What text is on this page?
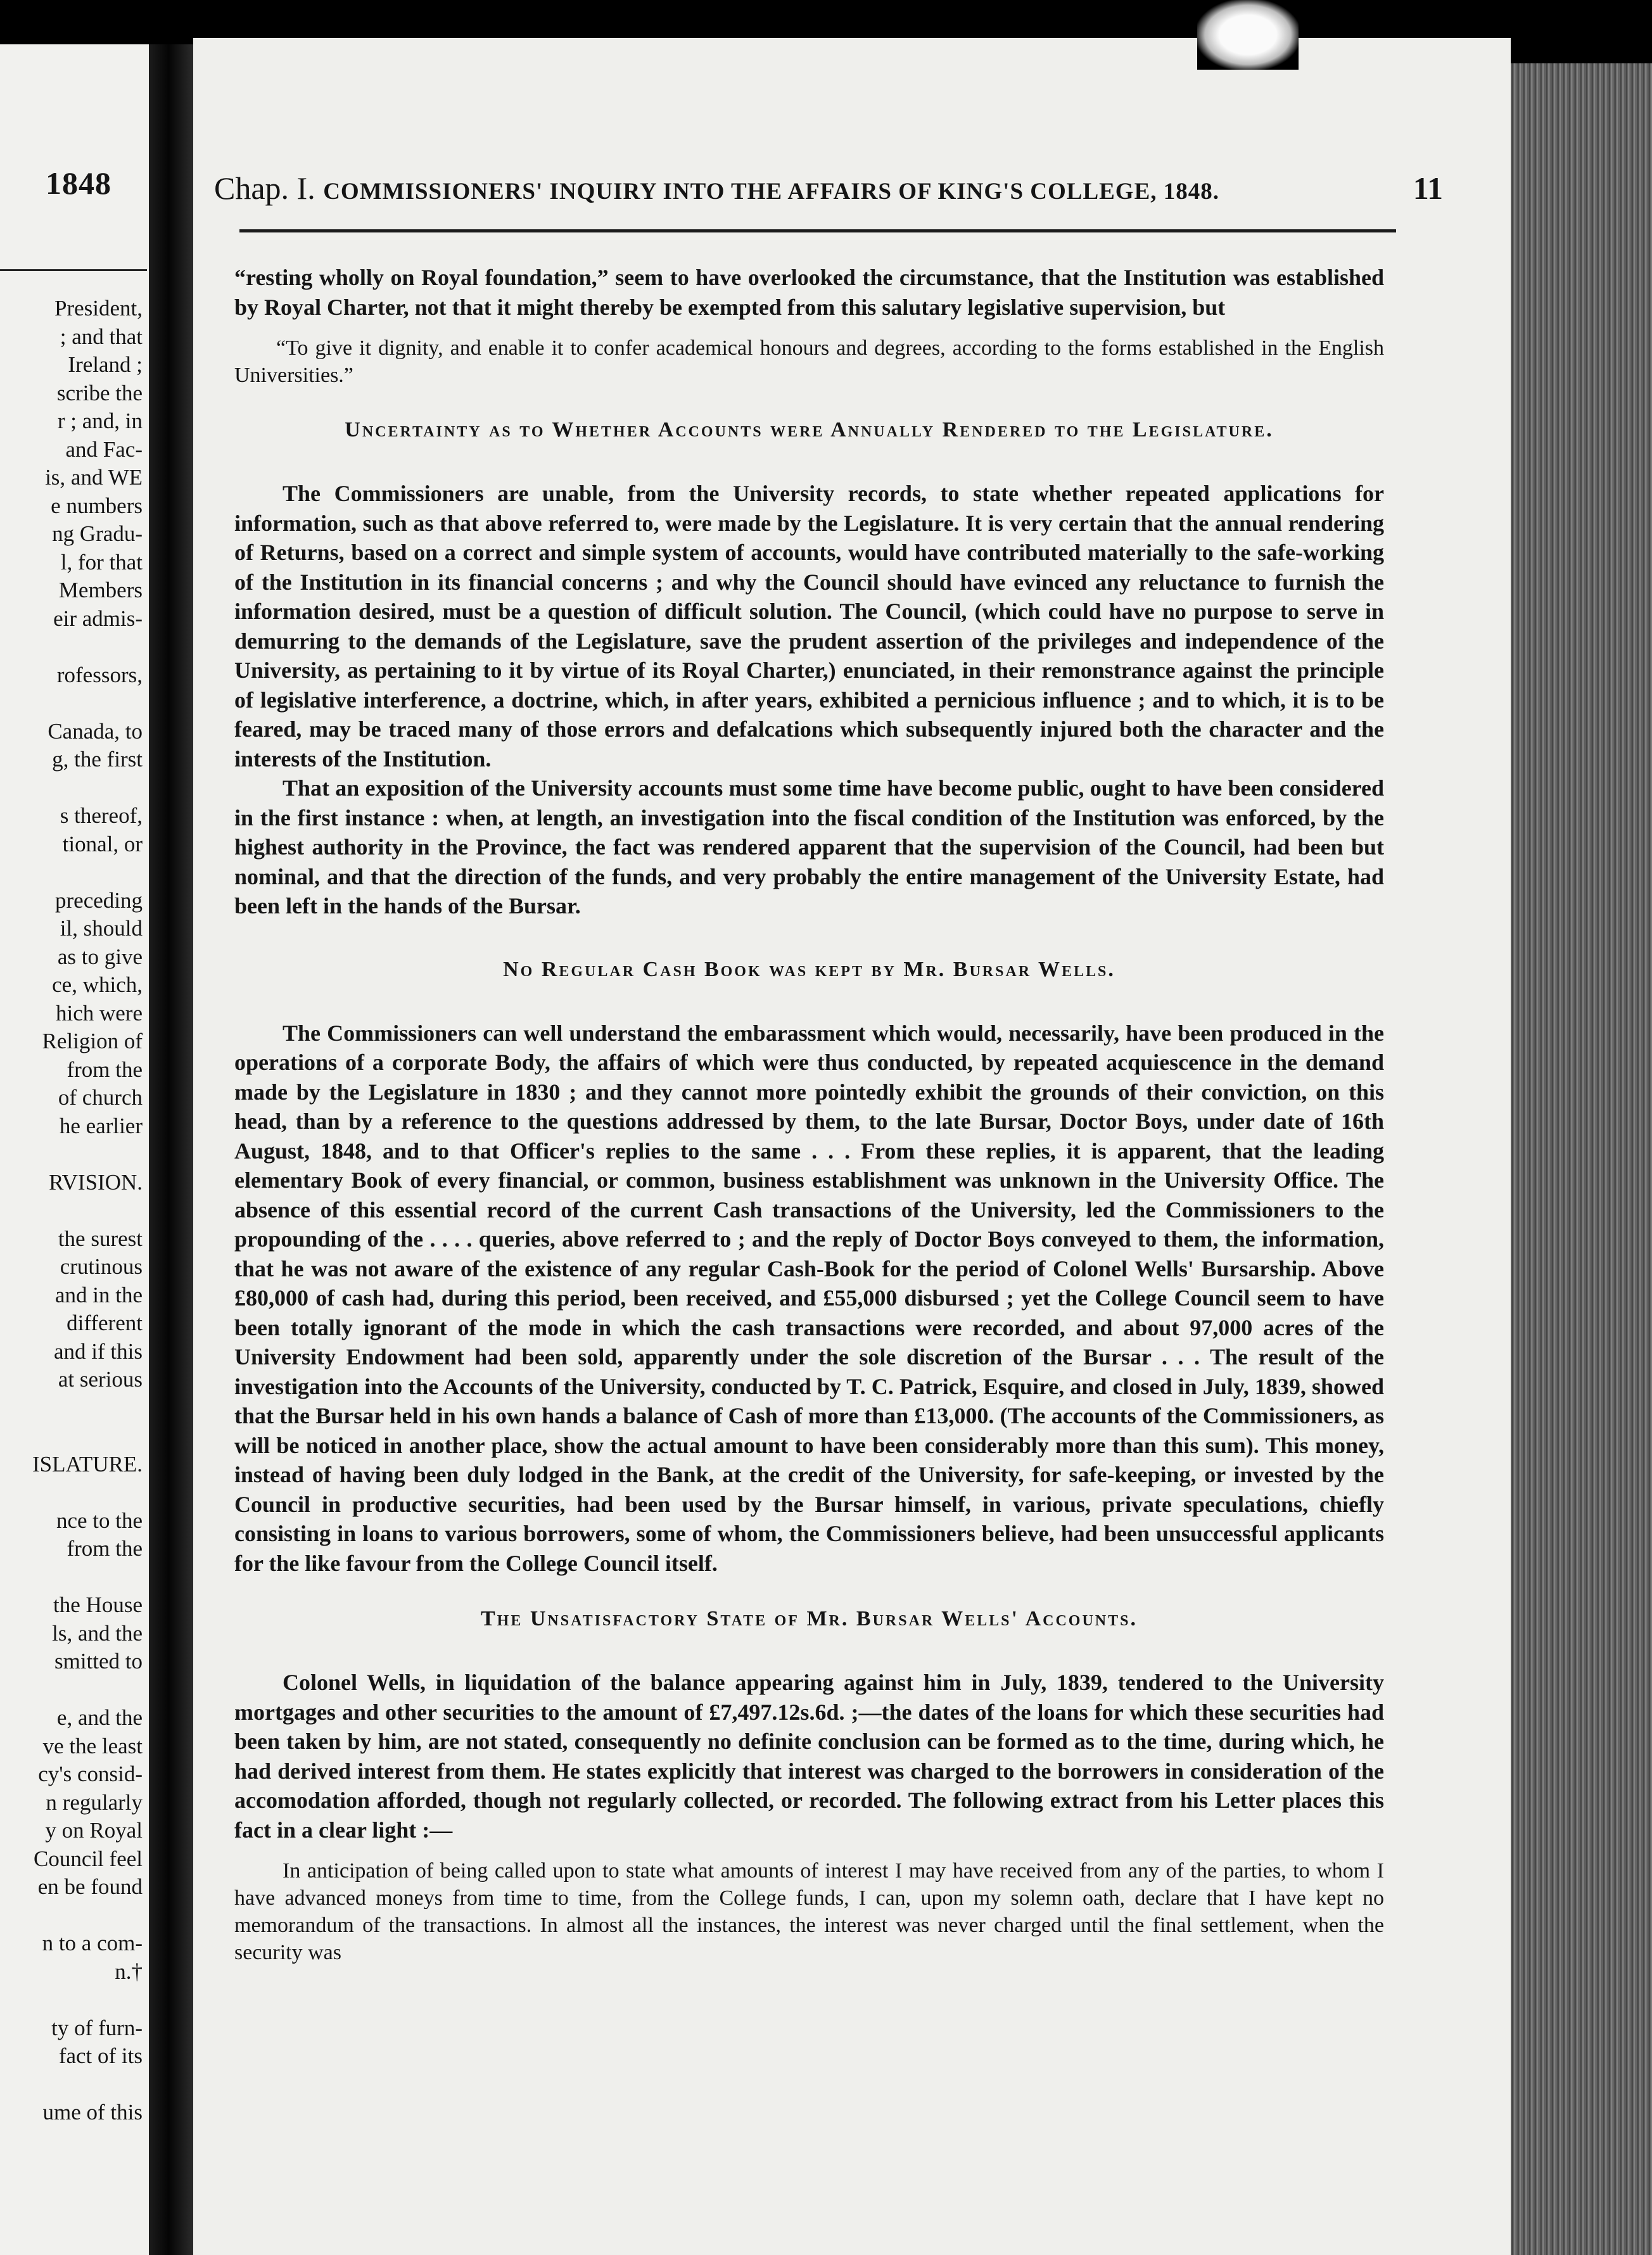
1848
President,
; and that
Ireland ;
scribe the
r ; and, in
and Fac-
is, and WE
e numbers
ng Gradu-
l, for that
Members
eir admis-
rofessors,
Canada, to
g, the first
s thereof,
tional, or
preceding
il, should
as to give
ce, which,
hich were
Religion of
from the
of church
he earlier
RVISION.
the surest
crutinous
and in the
different
and if this
at serious
ISLATURE.
nce to the
from the
the House
ls, and the
smitted to
e, and the
ve the least
cy's consid-
n regularly
y on Royal
Council feel
en be found
n to a com-
n.†
ty of furn-
fact of its
ume of this
Chap. I. COMMISSIONERS' INQUIRY INTO THE AFFAIRS OF KING'S COLLEGE, 1848.	11

“resting wholly on Royal foundation,” seem to have overlooked the circumstance, that the Institution was established by Royal Charter, not that it might thereby be exempted from this salutary legislative supervision, but

“To give it dignity, and enable it to confer academical honours and degrees, according to the forms established in the English Universities.”

Uncertainty as to Whether Accounts were Annually Rendered to the Legislature.

The Commissioners are unable, from the University records, to state whether repeated applications for information, such as that above referred to, were made by the Legislature. It is very certain that the annual rendering of Returns, based on a correct and simple system of accounts, would have contributed materially to the safe-working of the Institution in its financial concerns ; and why the Council should have evinced any reluctance to furnish the information desired, must be a question of difficult solution. The Council, (which could have no purpose to serve in demurring to the demands of the Legislature, save the prudent assertion of the privileges and independence of the University, as pertaining to it by virtue of its Royal Charter,) enunciated, in their remonstrance against the principle of legislative interference, a doctrine, which, in after years, exhibited a pernicious influence ; and to which, it is to be feared, may be traced many of those errors and defalcations which subsequently injured both the character and the interests of the Institution.

That an exposition of the University accounts must some time have become public, ought to have been considered in the first instance : when, at length, an investigation into the fiscal condition of the Institution was enforced, by the highest authority in the Province, the fact was rendered apparent that the supervision of the Council, had been but nominal, and that the direction of the funds, and very probably the entire management of the University Estate, had been left in the hands of the Bursar.

No Regular Cash Book was kept by Mr. Bursar Wells.

The Commissioners can well understand the embarassment which would, necessarily, have been produced in the operations of a corporate Body, the affairs of which were thus conducted, by repeated acquiescence in the demand made by the Legislature in 1830 ; and they cannot more pointedly exhibit the grounds of their conviction, on this head, than by a reference to the questions addressed by them, to the late Bursar, Doctor Boys, under date of 16th August, 1848, and to that Officer's replies to the same . . . From these replies, it is apparent, that the leading elementary Book of every financial, or common, business establishment was unknown in the University Office. The absence of this essential record of the current Cash transactions of the University, led the Commissioners to the propounding of the . . . . queries, above referred to ; and the reply of Doctor Boys conveyed to them, the information, that he was not aware of the existence of any regular Cash-Book for the period of Colonel Wells' Bursarship. Above £80,000 of cash had, during this period, been received, and £55,000 disbursed ; yet the College Council seem to have been totally ignorant of the mode in which the cash transactions were recorded, and about 97,000 acres of the University Endowment had been sold, apparently under the sole discretion of the Bursar . . . The result of the investigation into the Accounts of the University, conducted by T. C. Patrick, Esquire, and closed in July, 1839, showed that the Bursar held in his own hands a balance of Cash of more than £13,000. (The accounts of the Commissioners, as will be noticed in another place, show the actual amount to have been considerably more than this sum). This money, instead of having been duly lodged in the Bank, at the credit of the University, for safe-keeping, or invested by the Council in productive securities, had been used by the Bursar himself, in various, private speculations, chiefly consisting in loans to various borrowers, some of whom, the Commissioners believe, had been unsuccessful applicants for the like favour from the College Council itself.

The Unsatisfactory State of Mr. Bursar Wells' Accounts.

Colonel Wells, in liquidation of the balance appearing against him in July, 1839, tendered to the University mortgages and other securities to the amount of £7,497.12s.6d. ;—the dates of the loans for which these securities had been taken by him, are not stated, consequently no definite conclusion can be formed as to the time, during which, he had derived interest from them. He states explicitly that interest was charged to the borrowers in consideration of the accomodation afforded, though not regularly collected, or recorded. The following extract from his Letter places this fact in a clear light :—

In anticipation of being called upon to state what amounts of interest I may have received from any of the parties, to whom I have advanced moneys from time to time, from the College funds, I can, upon my solemn oath, declare that I have kept no memorandum of the transactions. In almost all the instances, the interest was never charged until the final settlement, when the security was
